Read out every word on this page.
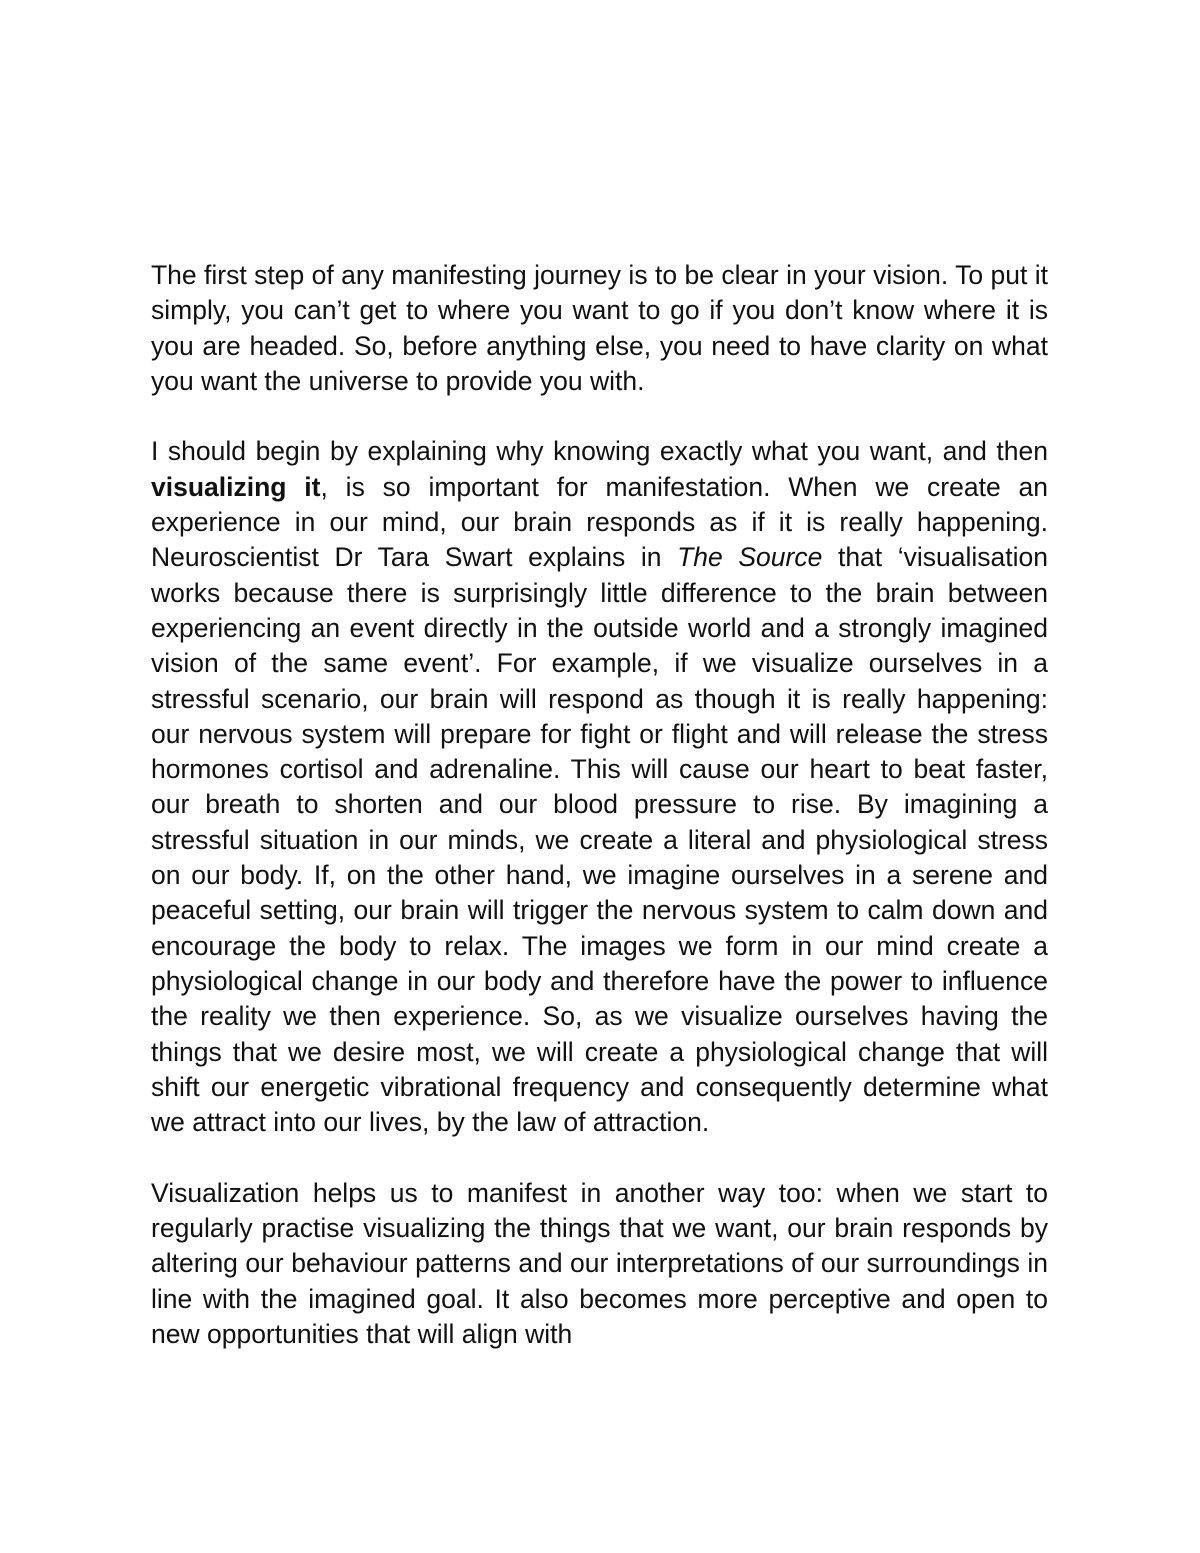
The first step of any manifesting journey is to be clear in your vision. To put it simply, you can’t get to where you want to go if you don’t know where it is you are headed. So, before anything else, you need to have clarity on what you want the universe to provide you with.

I should begin by explaining why knowing exactly what you want, and then visualizing it, is so important for manifestation. When we create an experience in our mind, our brain responds as if it is really happening. Neuroscientist Dr Tara Swart explains in The Source that ‘visualisation works because there is surprisingly little difference to the brain between experiencing an event directly in the outside world and a strongly imagined vision of the same event’. For example, if we visualize ourselves in a stressful scenario, our brain will respond as though it is really happening: our nervous system will prepare for fight or flight and will release the stress hormones cortisol and adrenaline. This will cause our heart to beat faster, our breath to shorten and our blood pressure to rise. By imagining a stressful situation in our minds, we create a literal and physiological stress on our body. If, on the other hand, we imagine ourselves in a serene and peaceful setting, our brain will trigger the nervous system to calm down and encourage the body to relax. The images we form in our mind create a physiological change in our body and therefore have the power to influence the reality we then experience. So, as we visualize ourselves having the things that we desire most, we will create a physiological change that will shift our energetic vibrational frequency and consequently determine what we attract into our lives, by the law of attraction.

Visualization helps us to manifest in another way too: when we start to regularly practise visualizing the things that we want, our brain responds by altering our behaviour patterns and our interpretations of our surroundings in line with the imagined goal. It also becomes more perceptive and open to new opportunities that will align with
